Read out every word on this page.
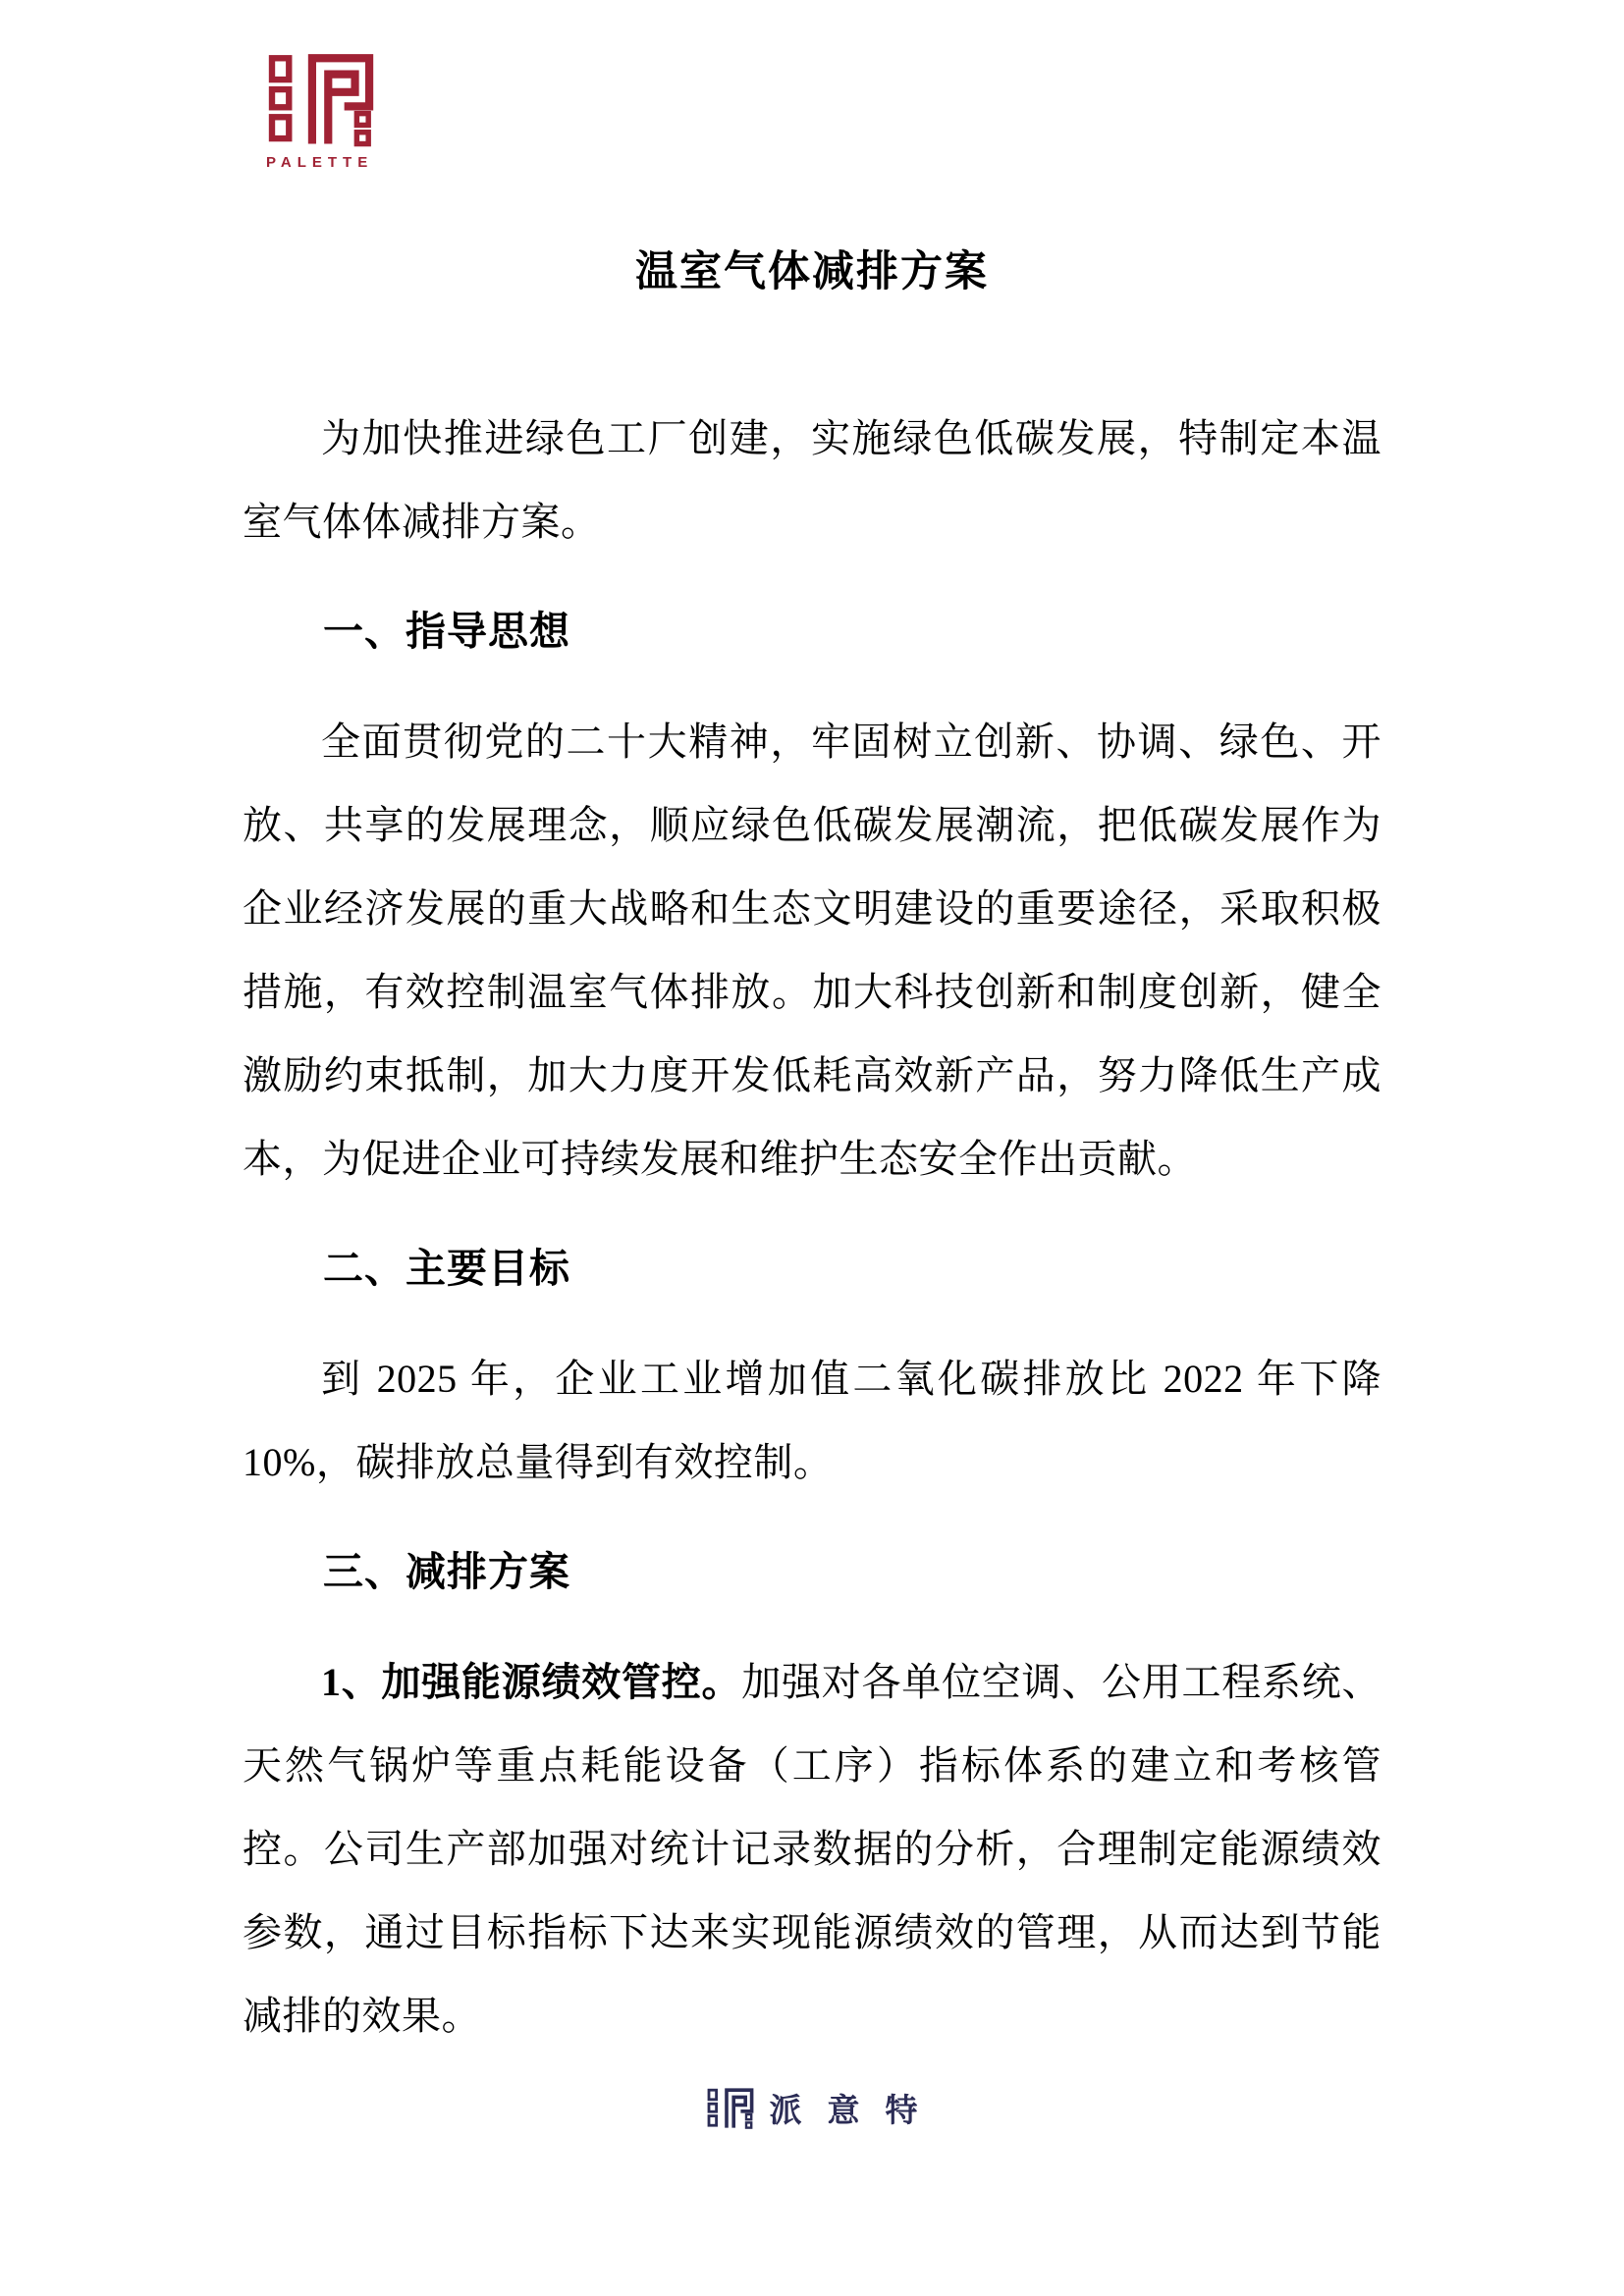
PALETTE
温室气体减排方案

为加快推进绿色工厂创建，实施绿色低碳发展，特制定本温室气体体减排方案。

一、指导思想

全面贯彻党的二十大精神，牢固树立创新、协调、绿色、开放、共享的发展理念，顺应绿色低碳发展潮流，把低碳发展作为企业经济发展的重大战略和生态文明建设的重要途径，采取积极措施，有效控制温室气体排放。加大科技创新和制度创新，健全激励约束抵制，加大力度开发低耗高效新产品，努力降低生产成本，为促进企业可持续发展和维护生态安全作出贡献。

二、主要目标

到 2025 年，企业工业增加值二氧化碳排放比 2022 年下降 10%，碳排放总量得到有效控制。

三、减排方案

1、加强能源绩效管控。加强对各单位空调、公用工程系统、天然气锅炉等重点耗能设备（工序）指标体系的建立和考核管控。公司生产部加强对统计记录数据的分析，合理制定能源绩效参数，通过目标指标下达来实现能源绩效的管理，从而达到节能减排的效果。

派意特
